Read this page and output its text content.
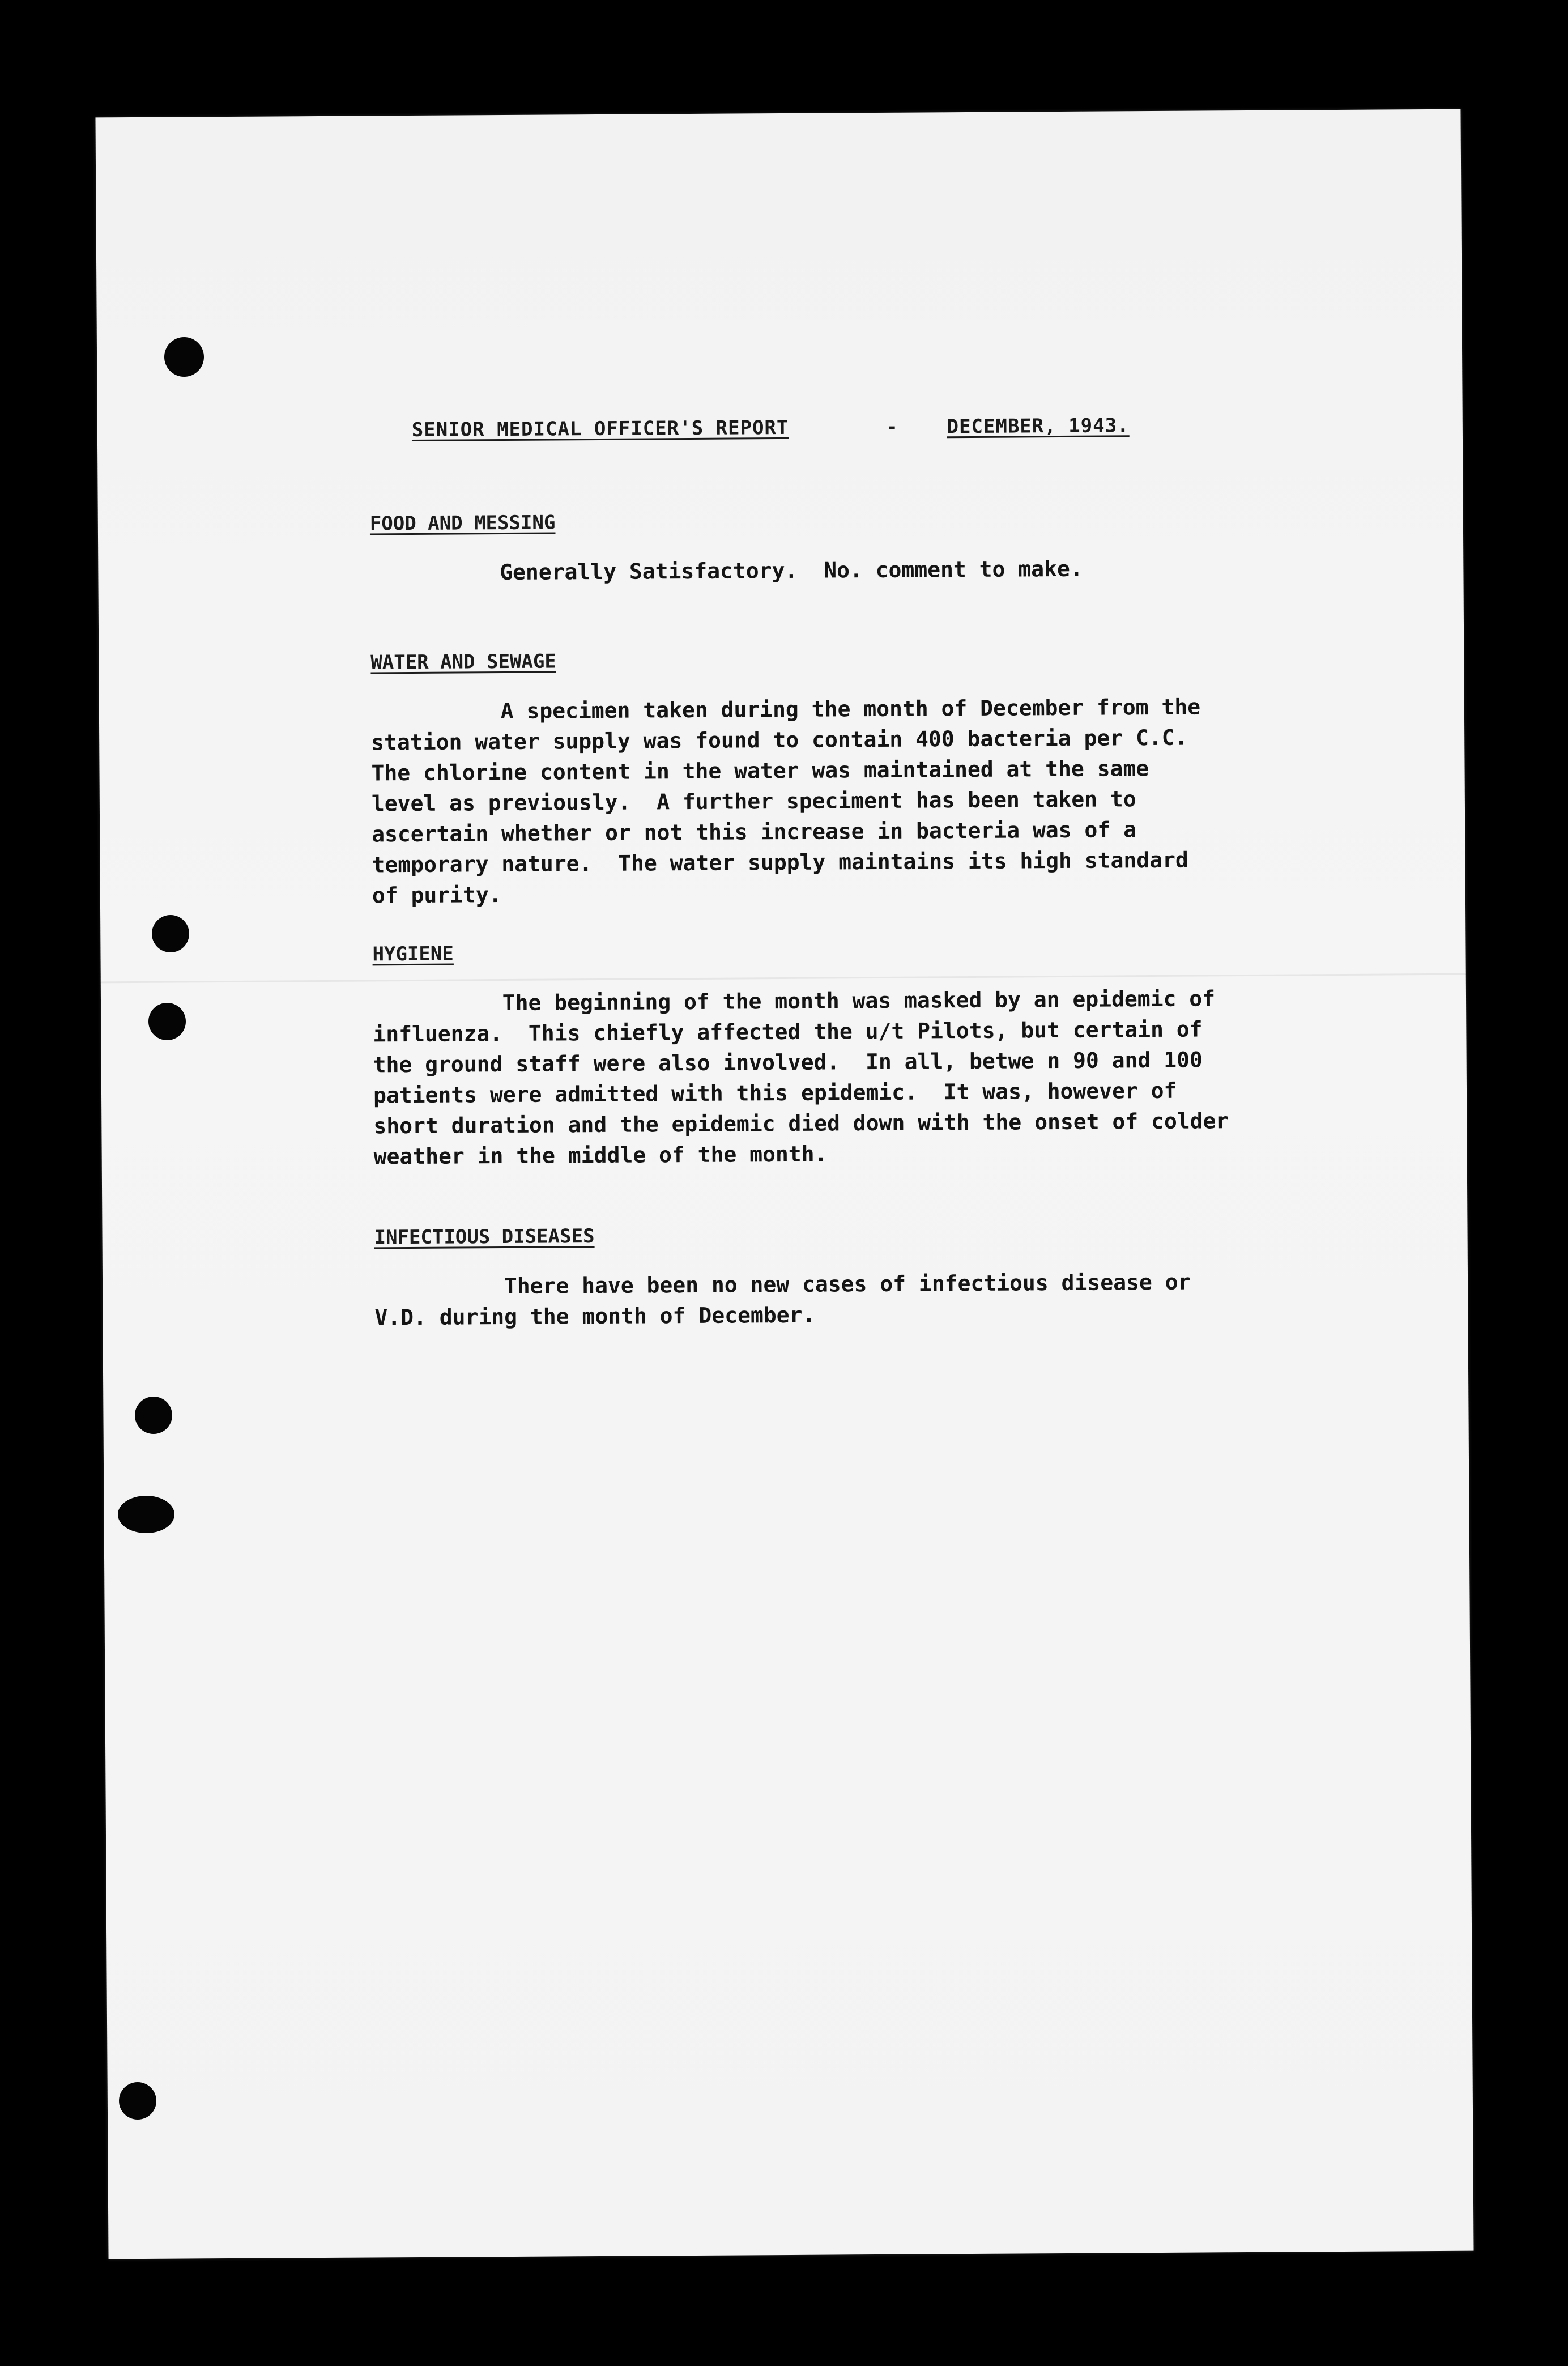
SENIOR MEDICAL OFFICER'S REPORT	-	DECEMBER, 1943.
FOOD AND MESSING
Generally Satisfactory.  No. comment to make.
WATER AND SEWAGE
A specimen taken during the month of December from the
station water supply was found to contain 400 bacteria per C.C.
The chlorine content in the water was maintained at the same
level as previously.  A further speciment has been taken to
ascertain whether or not this increase in bacteria was of a
temporary nature.  The water supply maintains its high standard
of purity.
HYGIENE
The beginning of the month was masked by an epidemic of
influenza.  This chiefly affected the u/t Pilots, but certain of
the ground staff were also involved.  In all, betwe n 90 and 100
patients were admitted with this epidemic.  It was, however of
short duration and the epidemic died down with the onset of colder
weather in the middle of the month.
INFECTIOUS DISEASES
There have been no new cases of infectious disease or
V.D. during the month of December.
